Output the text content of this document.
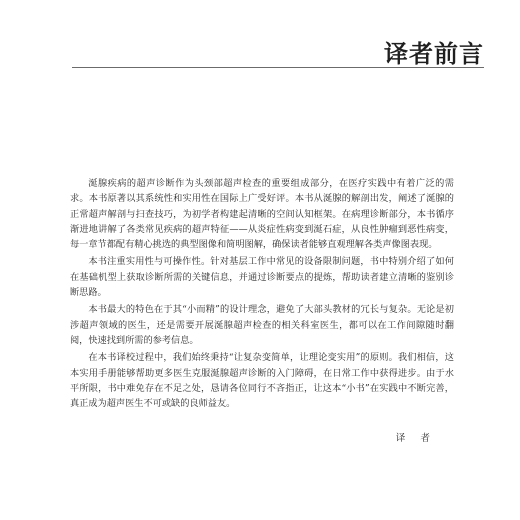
译者前言

涎腺疾病的超声诊断作为头颈部超声检查的重要组成部分，在医疗实践中有着广泛的需求。本书原著以其系统性和实用性在国际上广受好评。本书从涎腺的解剖出发，阐述了涎腺的正常超声解剖与扫查技巧，为初学者构建起清晰的空间认知框架。在病理诊断部分，本书循序渐进地讲解了各类常见疾病的超声特征——从炎症性病变到涎石症，从良性肿瘤到恶性病变，每一章节都配有精心挑选的典型图像和简明图解，确保读者能够直观理解各类声像图表现。

本书注重实用性与可操作性。针对基层工作中常见的设备限制问题，书中特别介绍了如何在基础机型上获取诊断所需的关键信息，并通过诊断要点的提炼，帮助读者建立清晰的鉴别诊断思路。

本书最大的特色在于其“小而精”的设计理念，避免了大部头教材的冗长与复杂。无论是初涉超声领域的医生，还是需要开展涎腺超声检查的相关科室医生，都可以在工作间隙随时翻阅，快速找到所需的参考信息。

在本书译校过程中，我们始终秉持“让复杂变简单，让理论变实用”的原则。我们相信，这本实用手册能够帮助更多医生克服涎腺超声诊断的入门障碍，在日常工作中获得进步。由于水平所限，书中难免存在不足之处，恳请各位同行不吝指正，让这本“小书”在实践中不断完善，真正成为超声医生不可或缺的良师益友。

译 者
